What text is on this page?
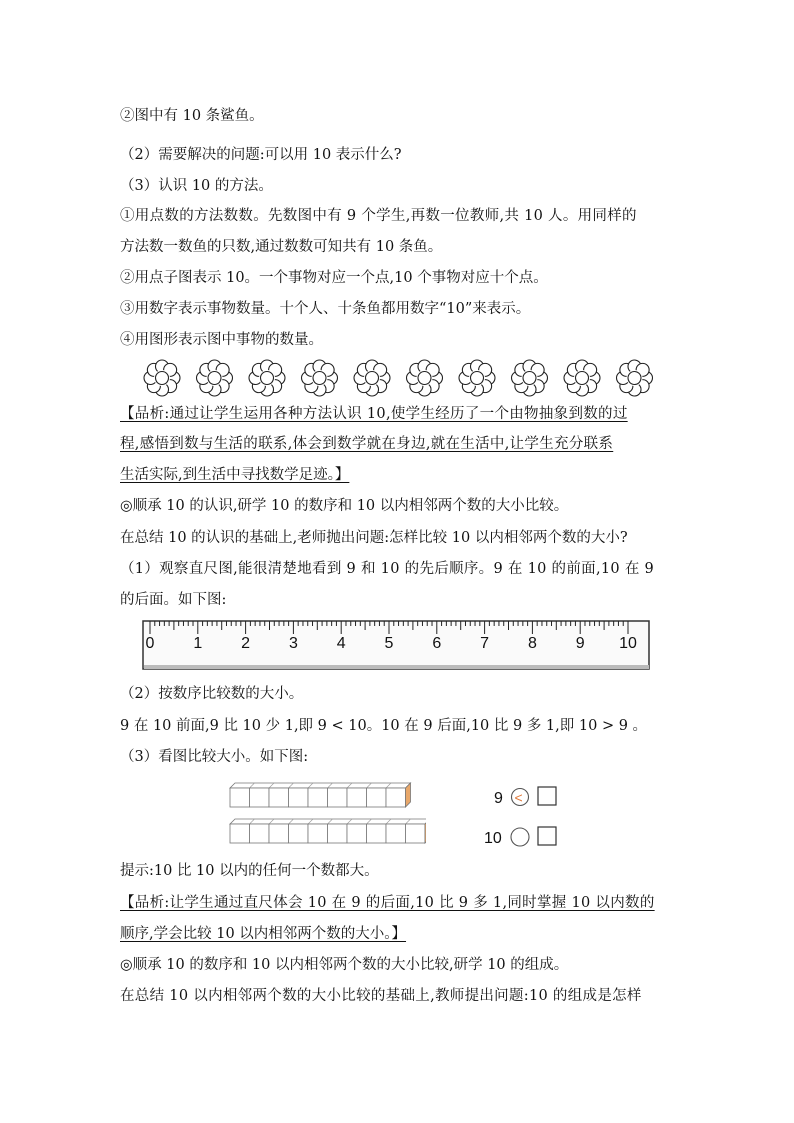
②图中有 10 条鲨鱼。
（2）需要解决的问题:可以用 10 表示什么?
（3）认识 10 的方法。
①用点数的方法数数。先数图中有 9 个学生,再数一位教师,共 10 人。用同样的
方法数一数鱼的只数,通过数数可知共有 10 条鱼。
②用点子图表示 10。一个事物对应一个点,10 个事物对应十个点。
③用数字表示事物数量。十个人、十条鱼都用数字“10”来表示。
④用图形表示图中事物的数量。
【品析:通过让学生运用各种方法认识 10,使学生经历了一个由物抽象到数的过
程,感悟到数与生活的联系,体会到数学就在身边,就在生活中,让学生充分联系
生活实际,到生活中寻找数学足迹。】
◎顺承 10 的认识,研学 10 的数序和 10 以内相邻两个数的大小比较。
在总结 10 的认识的基础上,老师抛出问题:怎样比较 10 以内相邻两个数的大小?
（1）观察直尺图,能很清楚地看到 9 和 10 的先后顺序。9 在 10 的前面,10 在 9
的后面。如下图:
0 1 2 3 4 5 6 7 8 9 10
（2）按数序比较数的大小。
9 在 10 前面,9 比 10 少 1,即 9 < 10。10 在 9 后面,10 比 9 多 1,即 10 > 9 。
（3）看图比较大小。如下图:
9 <
10
提示:10 比 10 以内的任何一个数都大。
【品析:让学生通过直尺体会 10 在 9 的后面,10 比 9 多 1,同时掌握 10 以内数的
顺序,学会比较 10 以内相邻两个数的大小。】
◎顺承 10 的数序和 10 以内相邻两个数的大小比较,研学 10 的组成。
在总结 10 以内相邻两个数的大小比较的基础上,教师提出问题:10 的组成是怎样
